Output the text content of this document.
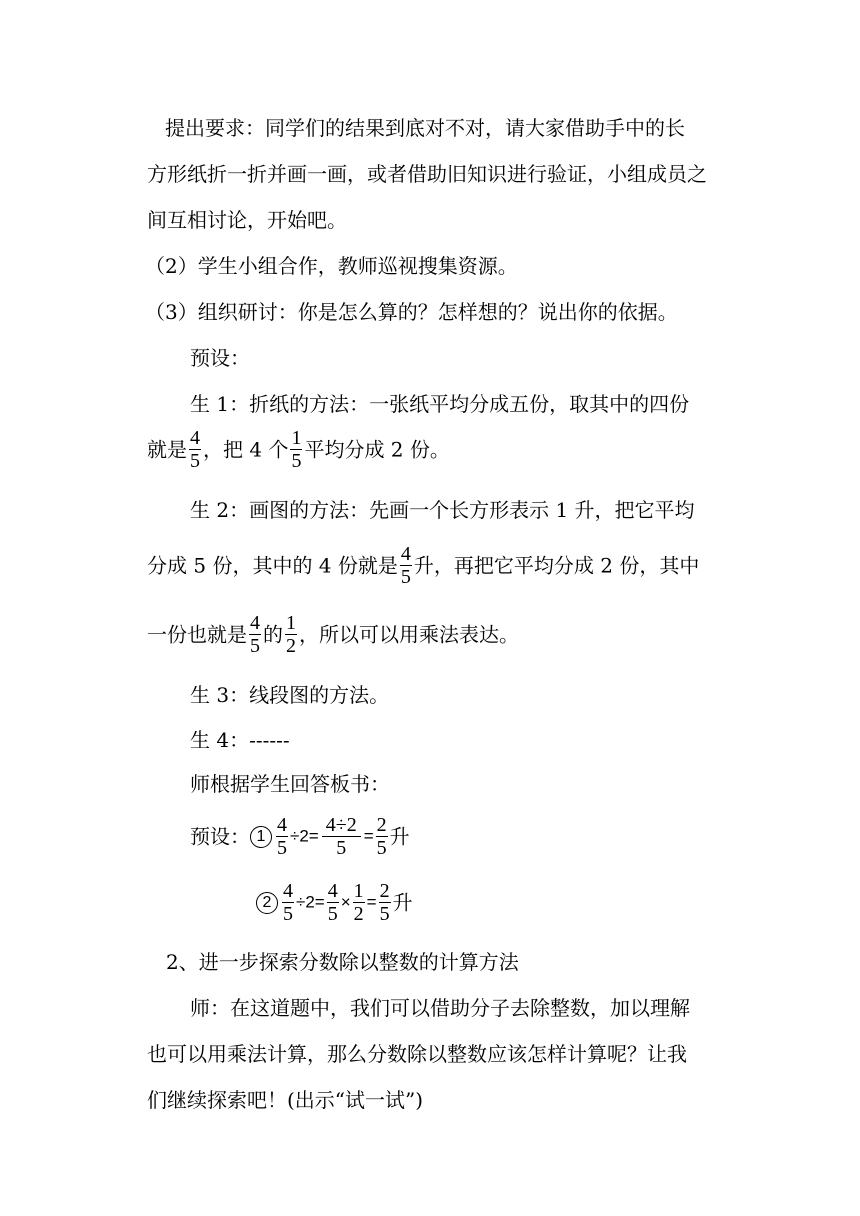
提出要求：同学们的结果到底对不对，请大家借助手中的长
方形纸折一折并画一画，或者借助旧知识进行验证，小组成员之
间互相讨论，开始吧。
（2）学生小组合作，教师巡视搜集资源。
（3）组织研讨：你是怎么算的？怎样想的？说出你的依据。
预设：
生 1：折纸的方法：一张纸平均分成五份，取其中的四份
就是 $\frac{4}{5}$ ，把 4 个 $\frac{1}{5}$ 平均分成 2 份。
生 2：画图的方法：先画一个长方形表示 1 升，把它平均
分成 5 份，其中的 4 份就是 $\frac{4}{5}$ 升，再把它平均分成 2 份，其中
一份也就是 $\frac{4}{5}$ 的 $\frac{1}{2}$ ，所以可以用乘法表达。
生 3：线段图的方法。
生 4：------
师根据学生回答板书：
预设： $1 \frac{4}{5} \div 2= \frac{4\div 2}{5} = \frac{2}{5}$ 升
$2 \frac{4}{5} \div 2= \frac{4}{5} \times \frac{1}{2} = \frac{2}{5}$ 升
2、进一步探索分数除以整数的计算方法
师：在这道题中，我们可以借助分子去除整数，加以理解
也可以用乘法计算，那么分数除以整数应该怎样计算呢？让我
们继续探索吧！(出示“试一试”)
